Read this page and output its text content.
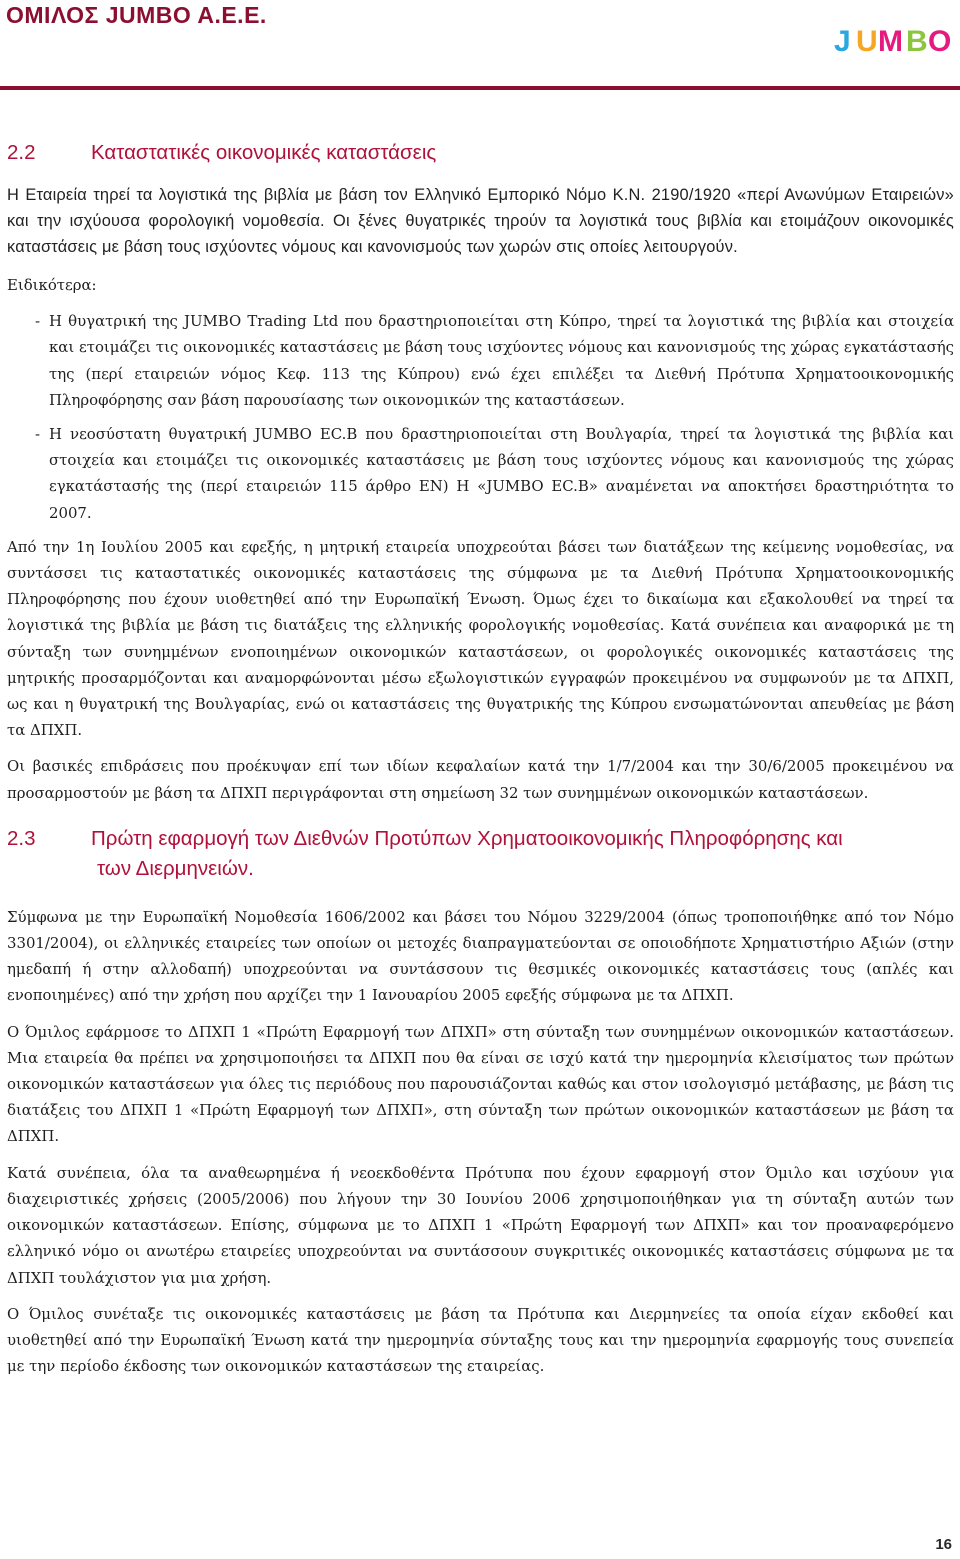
ΟΜΙΛΟΣ JUMBO A.E.E.
J U M B O
2.2	Καταστατικές οικονομικές καταστάσεις

Η Εταιρεία τηρεί τα λογιστικά της βιβλία με βάση τον Ελληνικό Εμπορικό Νόμο Κ.Ν. 2190/1920 «περί Ανωνύμων Εταιρειών» και την ισχύουσα φορολογική νομοθεσία. Οι ξένες θυγατρικές τηρούν τα λογιστικά τους βιβλία και ετοιμάζουν οικονομικές καταστάσεις με βάση τους ισχύοντες νόμους και κανονισμούς των χωρών στις οποίες λειτουργούν.

Ειδικότερα:

- Η θυγατρική της JUMBO Trading Ltd που δραστηριοποιείται στη Κύπρο, τηρεί τα λογιστικά της βιβλία και στοιχεία και ετοιμάζει τις οικονομικές καταστάσεις με βάση τους ισχύοντες νόμους και κανονισμούς της χώρας εγκατάστασής της (περί εταιρειών νόμος Κεφ. 113 της Κύπρου) ενώ έχει επιλέξει τα Διεθνή Πρότυπα Χρηματοοικονομικής Πληροφόρησης σαν βάση παρουσίασης των οικονομικών της καταστάσεων.
- Η νεοσύστατη θυγατρική JUMBO EC.B που δραστηριοποιείται στη Βουλγαρία, τηρεί τα λογιστικά της βιβλία και στοιχεία και ετοιμάζει τις οικονομικές καταστάσεις με βάση τους ισχύοντες νόμους και κανονισμούς της χώρας εγκατάστασής της (περί εταιρειών 115 άρθρο ΕΝ) Η «JUMBO EC.B» αναμένεται να αποκτήσει δραστηριότητα το 2007.

Από την 1η Ιουλίου 2005 και εφεξής, η μητρική εταιρεία υποχρεούται βάσει των διατάξεων της κείμενης νομοθεσίας, να συντάσσει τις καταστατικές οικονομικές καταστάσεις της σύμφωνα με τα Διεθνή Πρότυπα Χρηματοοικονομικής Πληροφόρησης που έχουν υιοθετηθεί από την Ευρωπαϊκή Ένωση. Όμως έχει το δικαίωμα και εξακολουθεί να τηρεί τα λογιστικά της βιβλία με βάση τις διατάξεις της ελληνικής φορολογικής νομοθεσίας. Κατά συνέπεια και αναφορικά με τη σύνταξη των συνημμένων ενοποιημένων οικονομικών καταστάσεων, οι φορολογικές οικονομικές καταστάσεις της μητρικής προσαρμόζονται και αναμορφώνονται μέσω εξωλογιστικών εγγραφών προκειμένου να συμφωνούν με τα ΔΠΧΠ, ως και η θυγατρική της Βουλγαρίας, ενώ οι καταστάσεις της θυγατρικής της Κύπρου ενσωματώνονται απευθείας με βάση τα ΔΠΧΠ.

Οι βασικές επιδράσεις που προέκυψαν επί των ιδίων κεφαλαίων κατά την 1/7/2004 και την 30/6/2005 προκειμένου να προσαρμοστούν με βάση τα ΔΠΧΠ περιγράφονται στη σημείωση 32 των συνημμένων οικονομικών καταστάσεων.

2.3	Πρώτη εφαρμογή των Διεθνών Προτύπων Χρηματοοικονομικής Πληροφόρησης και
των Διερμηνειών.

Σύμφωνα με την Ευρωπαϊκή Νομοθεσία 1606/2002 και βάσει του Νόμου 3229/2004 (όπως τροποποιήθηκε από τον Νόμο 3301/2004), οι ελληνικές εταιρείες των οποίων οι μετοχές διαπραγματεύονται σε οποιοδήποτε Χρηματιστήριο Αξιών (στην ημεδαπή ή στην αλλοδαπή) υποχρεούνται να συντάσσουν τις θεσμικές οικονομικές καταστάσεις τους (απλές και ενοποιημένες) από την χρήση που αρχίζει την 1 Ιανουαρίου 2005 εφεξής σύμφωνα με τα ΔΠΧΠ.

Ο Όμιλος εφάρμοσε το ΔΠΧΠ 1 «Πρώτη Εφαρμογή των ΔΠΧΠ» στη σύνταξη των συνημμένων οικονομικών καταστάσεων. Μια εταιρεία θα πρέπει να χρησιμοποιήσει τα ΔΠΧΠ που θα είναι σε ισχύ κατά την ημερομηνία κλεισίματος των πρώτων οικονομικών καταστάσεων για όλες τις περιόδους που παρουσιάζονται καθώς και στον ισολογισμό μετάβασης, με βάση τις διατάξεις του ΔΠΧΠ 1 «Πρώτη Εφαρμογή των ΔΠΧΠ», στη σύνταξη των πρώτων οικονομικών καταστάσεων με βάση τα ΔΠΧΠ.

Κατά συνέπεια, όλα τα αναθεωρημένα ή νεοεκδοθέντα Πρότυπα που έχουν εφαρμογή στον Όμιλο και ισχύουν για διαχειριστικές χρήσεις (2005/2006) που λήγουν την 30 Ιουνίου 2006 χρησιμοποιήθηκαν για τη σύνταξη αυτών των οικονομικών καταστάσεων. Επίσης, σύμφωνα με το ΔΠΧΠ 1 «Πρώτη Εφαρμογή των ΔΠΧΠ» και τον προαναφερόμενο ελληνικό νόμο οι ανωτέρω εταιρείες υποχρεούνται να συντάσσουν συγκριτικές οικονομικές καταστάσεις σύμφωνα με τα ΔΠΧΠ τουλάχιστον για μια χρήση.

Ο Όμιλος συνέταξε τις οικονομικές καταστάσεις με βάση τα Πρότυπα και Διερμηνείες τα οποία είχαν εκδοθεί και υιοθετηθεί από την Ευρωπαϊκή Ένωση κατά την ημερομηνία σύνταξης τους και την ημερομηνία εφαρμογής τους συνεπεία με την περίοδο έκδοσης των οικονομικών καταστάσεων της εταιρείας.

16
